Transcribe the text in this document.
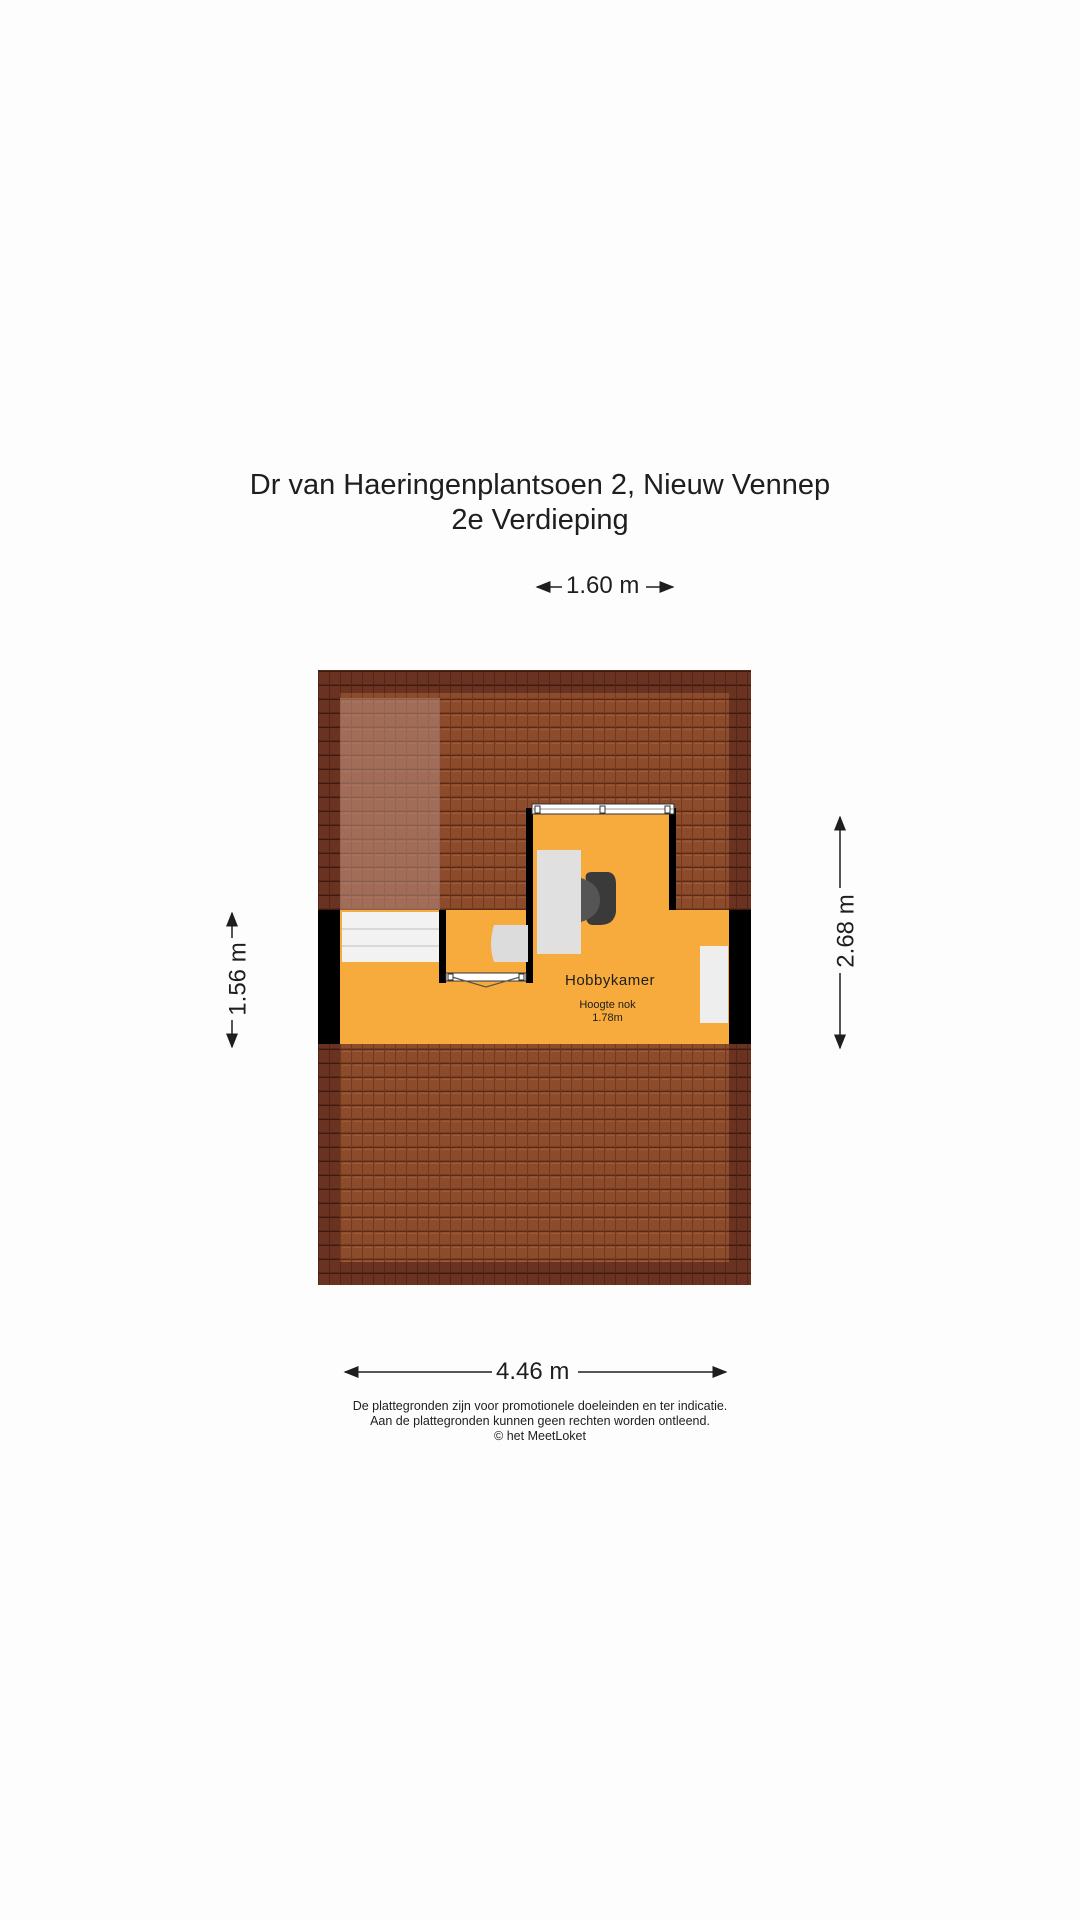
Dr van Haeringenplantsoen 2, Nieuw Vennep
2e Verdieping
1.60 m
4.46 m
1.56 m
2.68 m
Hobbykamer
Hoogte nok
1.78m
De plattegronden zijn voor promotionele doeleinden en ter indicatie.
Aan de plattegronden kunnen geen rechten worden ontleend.
© het MeetLoket
